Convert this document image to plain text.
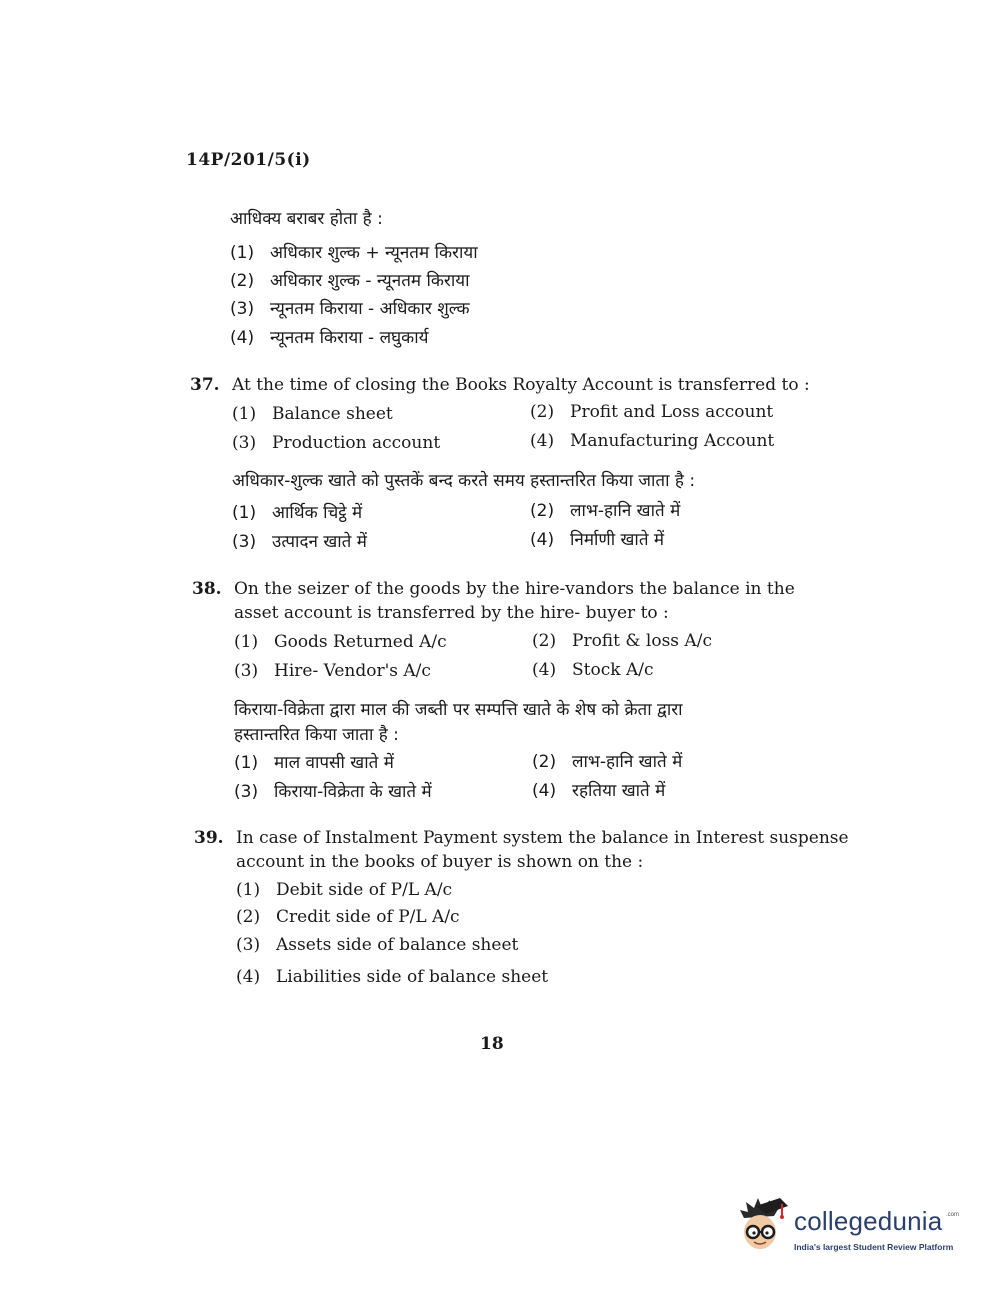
14P/201/5(i)
आधिक्य बराबर होता है :
(1) अधिकार शुल्क + न्यूनतम किराया
(2) अधिकार शुल्क - न्यूनतम किराया
(3) न्यूनतम किराया - अधिकार शुल्क
(4) न्यूनतम किराया - लघुकार्य
37. At the time of closing the Books Royalty Account is transferred to :
(1) Balance sheet	(2) Profit and Loss account
(3) Production account	(4) Manufacturing Account
अधिकार-शुल्क खाते को पुस्तकें बन्द करते समय हस्तान्तरित किया जाता है :
(1) आर्थिक चिट्ठे में	(2) लाभ-हानि खाते में
(3) उत्पादन खाते में	(4) निर्माणी खाते में
38. On the seizer of the goods by the hire-vandors the balance in the
asset account is transferred by the hire- buyer to :
(1) Goods Returned A/c	(2) Profit & loss A/c
(3) Hire- Vendor's A/c	(4) Stock A/c
किराया-विक्रेता द्वारा माल की जब्ती पर सम्पत्ति खाते के शेष को क्रेता द्वारा
हस्तान्तरित किया जाता है :
(1) माल वापसी खाते में	(2) लाभ-हानि खाते में
(3) किराया-विक्रेता के खाते में	(4) रहतिया खाते में
39. In case of Instalment Payment system the balance in Interest suspense
account in the books of buyer is shown on the :
(1) Debit side of P/L A/c
(2) Credit side of P/L A/c
(3) Assets side of balance sheet
(4) Liabilities side of balance sheet
18
collegedunia .com
India's largest Student Review Platform
